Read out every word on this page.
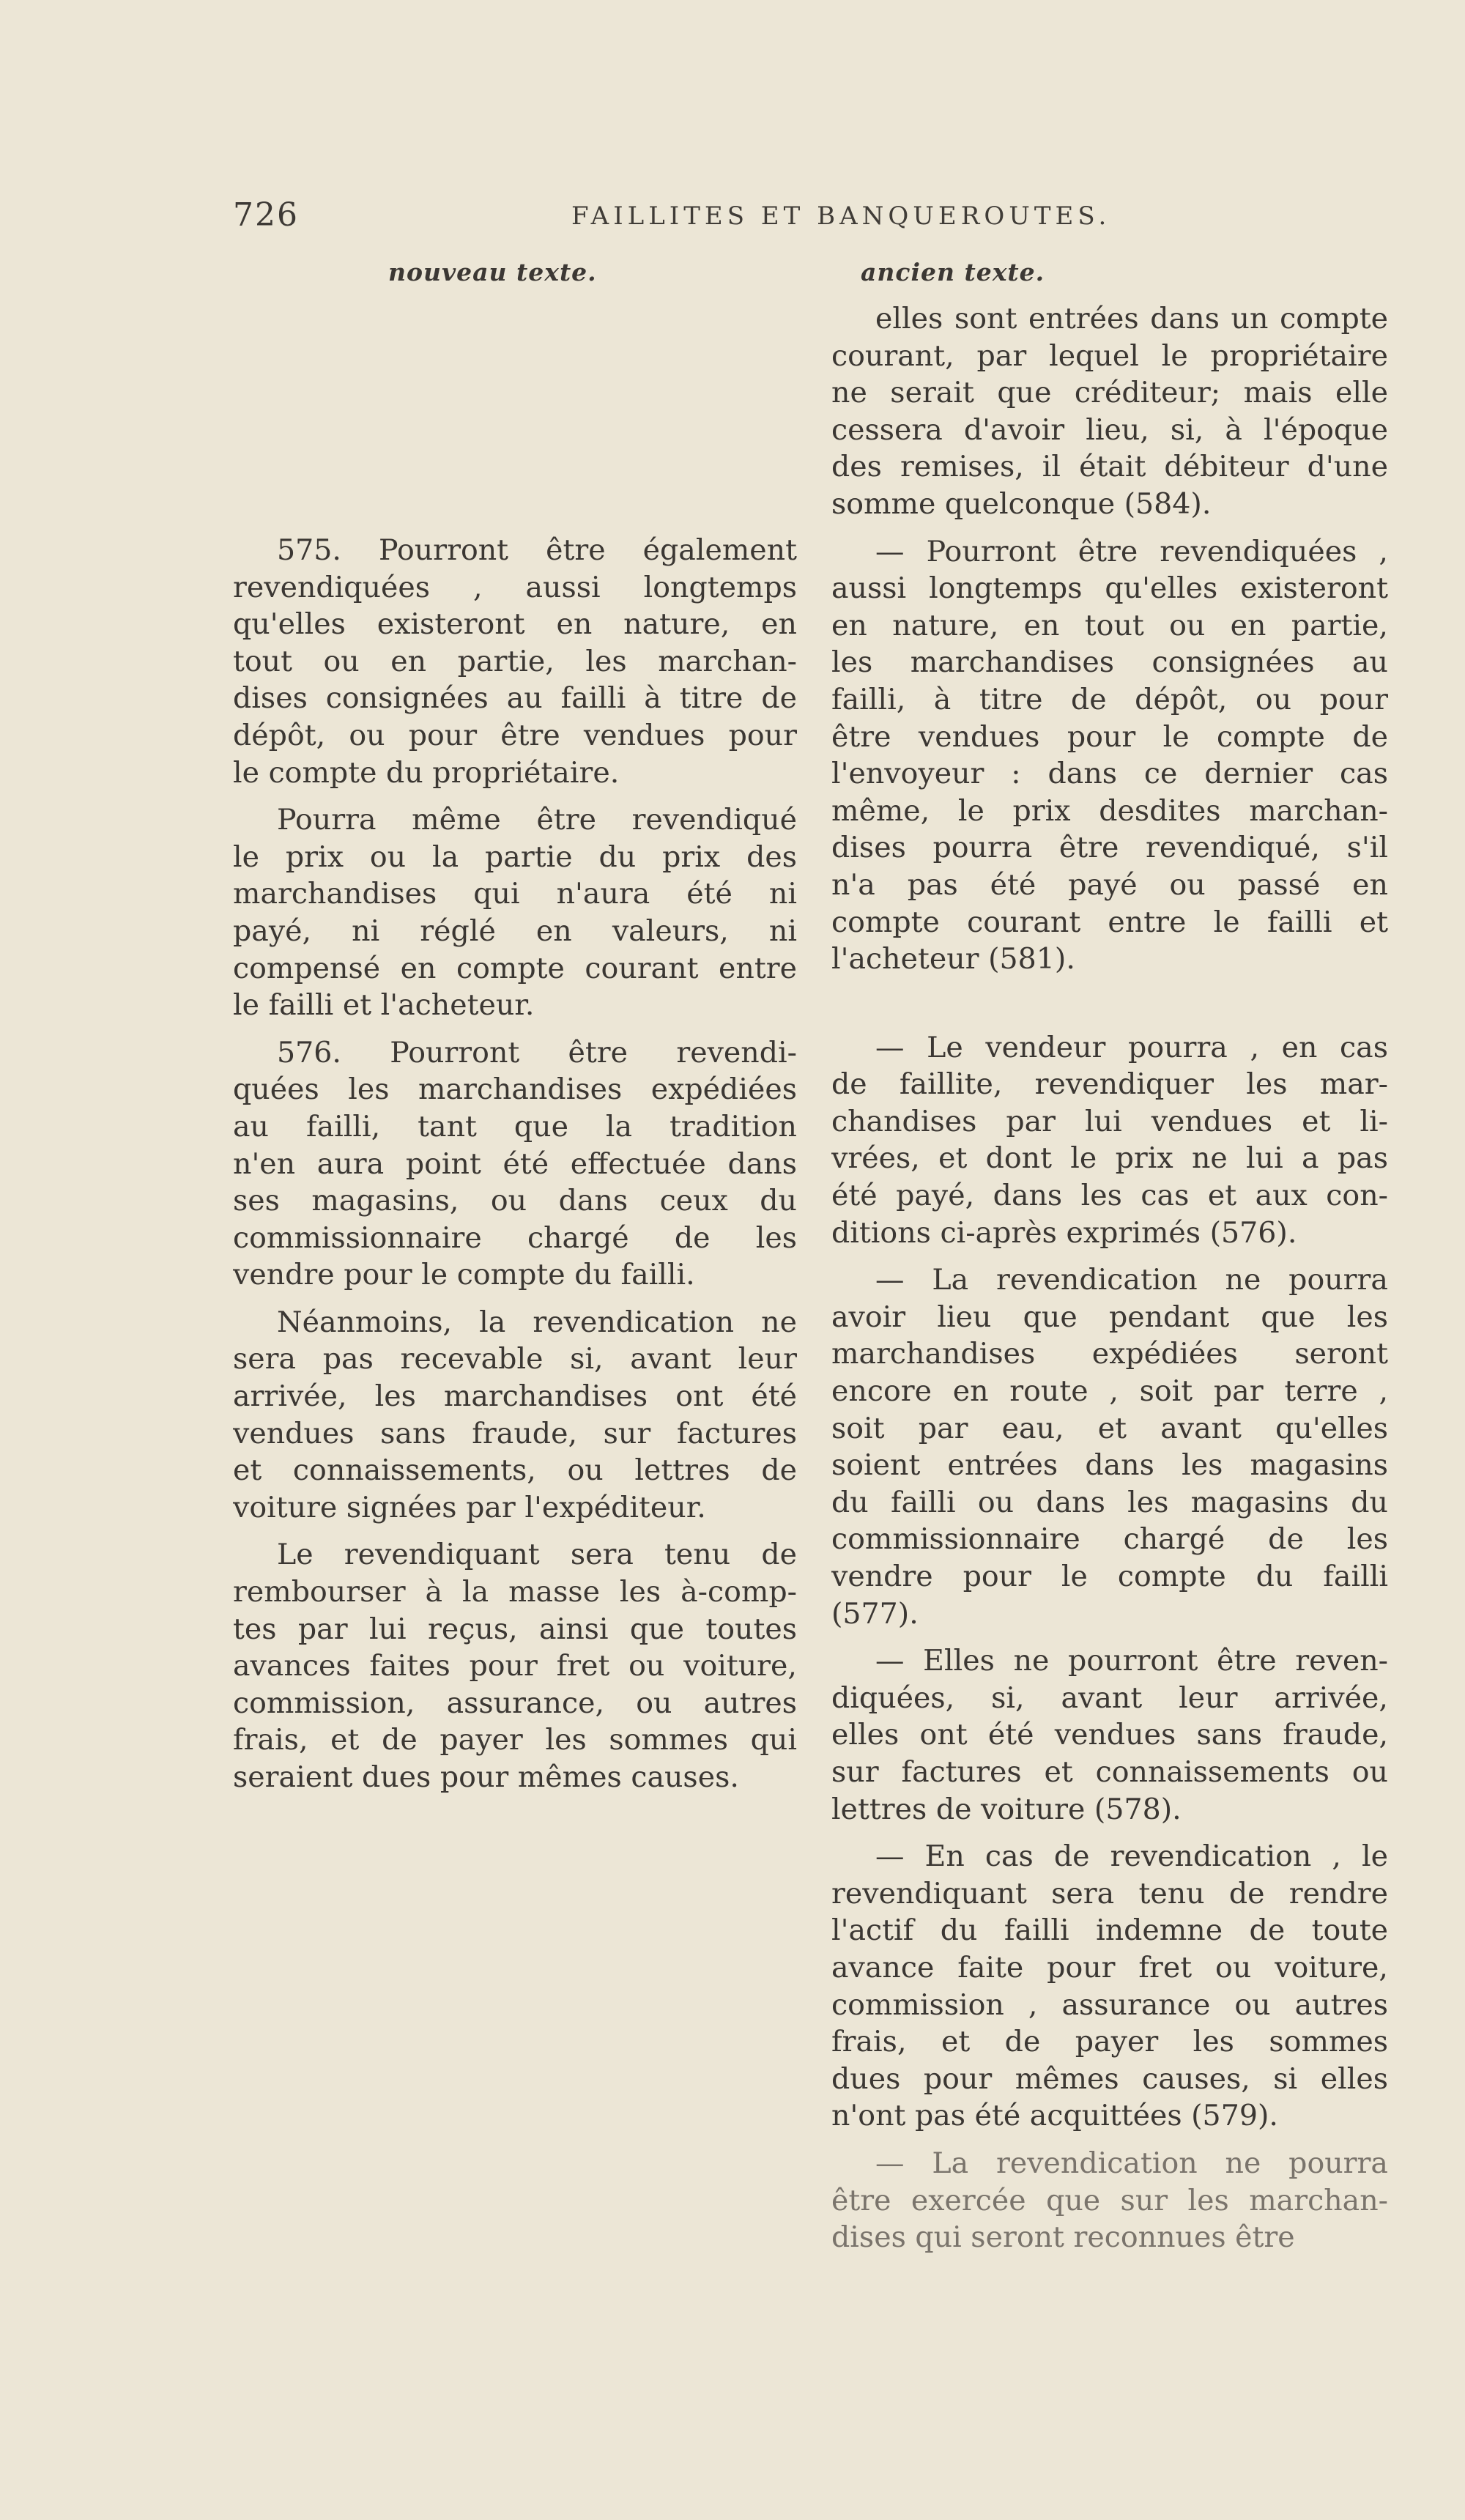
726	FAILLITES ET BANQUEROUTES.
nouveau texte.	ancien texte.

575. Pourront être également
revendiquées , aussi longtemps
qu'elles existeront en nature, en
tout ou en partie, les marchan-
dises consignées au failli à titre de
dépôt, ou pour être vendues pour
le compte du propriétaire.

Pourra même être revendiqué
le prix ou la partie du prix des
marchandises qui n'aura été ni
payé, ni réglé en valeurs, ni
compensé en compte courant entre
le failli et l'acheteur.

576. Pourront être revendi-
quées les marchandises expédiées
au failli, tant que la tradition
n'en aura point été effectuée dans
ses magasins, ou dans ceux du
commissionnaire chargé de les
vendre pour le compte du failli.

Néanmoins, la revendication ne
sera pas recevable si, avant leur
arrivée, les marchandises ont été
vendues sans fraude, sur factures
et connaissements, ou lettres de
voiture signées par l'expéditeur.

Le revendiquant sera tenu de
rembourser à la masse les à-comp-
tes par lui reçus, ainsi que toutes
avances faites pour fret ou voiture,
commission, assurance, ou autres
frais, et de payer les sommes qui
seraient dues pour mêmes causes.

elles sont entrées dans un compte
courant, par lequel le propriétaire
ne serait que créditeur; mais elle
cessera d'avoir lieu, si, à l'époque
des remises, il était débiteur d'une
somme quelconque (584).

— Pourront être revendiquées ,
aussi longtemps qu'elles existeront
en nature, en tout ou en partie,
les marchandises consignées au
failli, à titre de dépôt, ou pour
être vendues pour le compte de
l'envoyeur : dans ce dernier cas
même, le prix desdites marchan-
dises pourra être revendiqué, s'il
n'a pas été payé ou passé en
compte courant entre le failli et
l'acheteur (581).

— Le vendeur pourra , en cas
de faillite, revendiquer les mar-
chandises par lui vendues et li-
vrées, et dont le prix ne lui a pas
été payé, dans les cas et aux con-
ditions ci-après exprimés (576).

— La revendication ne pourra
avoir lieu que pendant que les
marchandises expédiées seront
encore en route , soit par terre ,
soit par eau, et avant qu'elles
soient entrées dans les magasins
du failli ou dans les magasins du
commissionnaire chargé de les
vendre pour le compte du failli
(577).

— Elles ne pourront être reven-
diquées, si, avant leur arrivée,
elles ont été vendues sans fraude,
sur factures et connaissements ou
lettres de voiture (578).

— En cas de revendication , le
revendiquant sera tenu de rendre
l'actif du failli indemne de toute
avance faite pour fret ou voiture,
commission , assurance ou autres
frais, et de payer les sommes
dues pour mêmes causes, si elles
n'ont pas été acquittées (579).

— La revendication ne pourra
être exercée que sur les marchan-
dises qui seront reconnues être
